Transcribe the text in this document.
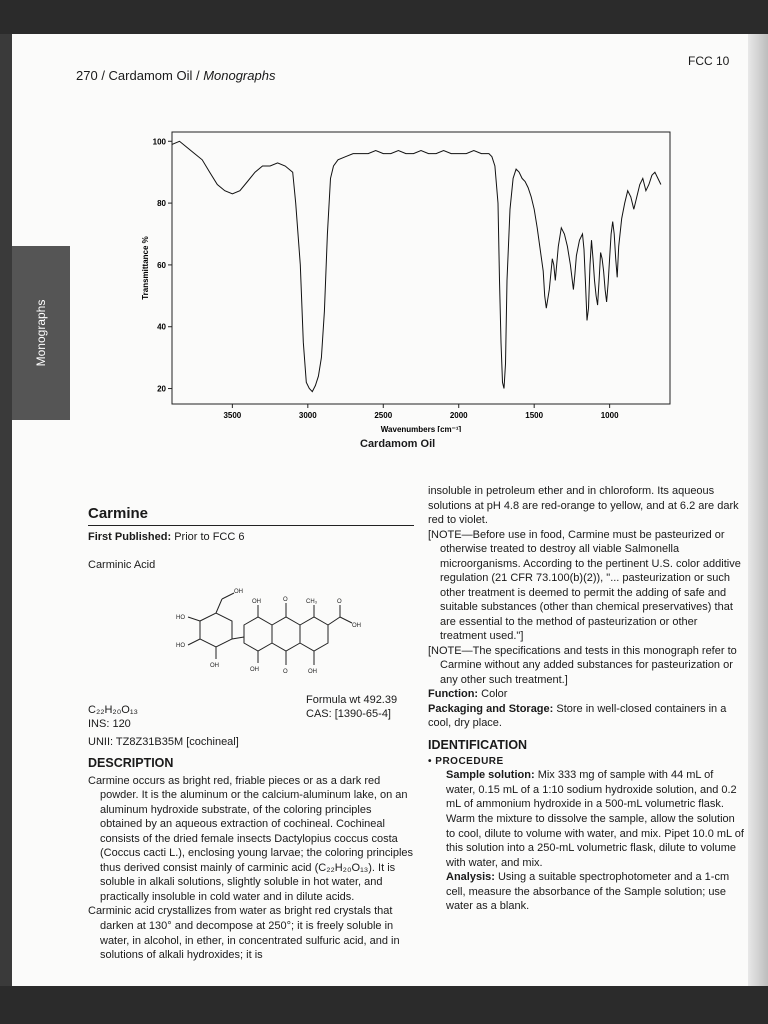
270 / Cardamom Oil / Monographs
FCC 10
Monographs
100
80
60
40
20
3500	3000	2500	2000	1500	1000
Transmittance %
Wavenumbers [cm⁻¹]
Cardamom Oil
Carmine

First Published: Prior to FCC 6

Carminic Acid

OH
HO
HO
OH
OH	O
O
OH
CH₃	O
OH
OH
C₂₂H₂₀O₁₃
INS: 120
Formula wt 492.39
CAS: [1390-65-4]

UNII: TZ8Z31B35M [cochineal]

DESCRIPTION

Carmine occurs as bright red, friable pieces or as a dark red powder. It is the aluminum or the calcium-aluminum lake, on an aluminum hydroxide substrate, of the coloring principles obtained by an aqueous extraction of cochineal. Cochineal consists of the dried female insects Dactylopius coccus costa (Coccus cacti L.), enclosing young larvae; the coloring principles thus derived consist mainly of carminic acid (C₂₂H₂₀O₁₃). It is soluble in alkali solutions, slightly soluble in hot water, and practically insoluble in cold water and in dilute acids.

Carminic acid crystallizes from water as bright red crystals that darken at 130° and decompose at 250°; it is freely soluble in water, in alcohol, in ether, in concentrated sulfuric acid, and in solutions of alkali hydroxides; it is

insoluble in petroleum ether and in chloroform. Its aqueous solutions at pH 4.8 are red-orange to yellow, and at 6.2 are dark red to violet.

[NOTE—Before use in food, Carmine must be pasteurized or otherwise treated to destroy all viable Salmonella microorganisms. According to the pertinent U.S. color additive regulation (21 CFR 73.100(b)(2)), "... pasteurization or such other treatment is deemed to permit the adding of safe and suitable substances (other than chemical preservatives) that are essential to the method of pasteurization or other treatment used."]

[NOTE—The specifications and tests in this monograph refer to Carmine without any added substances for pasteurization or any other such treatment.]

Function: Color

Packaging and Storage: Store in well-closed containers in a cool, dry place.

IDENTIFICATION
• PROCEDURE

Sample solution: Mix 333 mg of sample with 44 mL of water, 0.15 mL of a 1:10 sodium hydroxide solution, and 0.2 mL of ammonium hydroxide in a 500-mL volumetric flask. Warm the mixture to dissolve the sample, allow the solution to cool, dilute to volume with water, and mix. Pipet 10.0 mL of this solution into a 250-mL volumetric flask, dilute to volume with water, and mix.

Analysis: Using a suitable spectrophotometer and a 1-cm cell, measure the absorbance of the Sample solution; use water as a blank.
